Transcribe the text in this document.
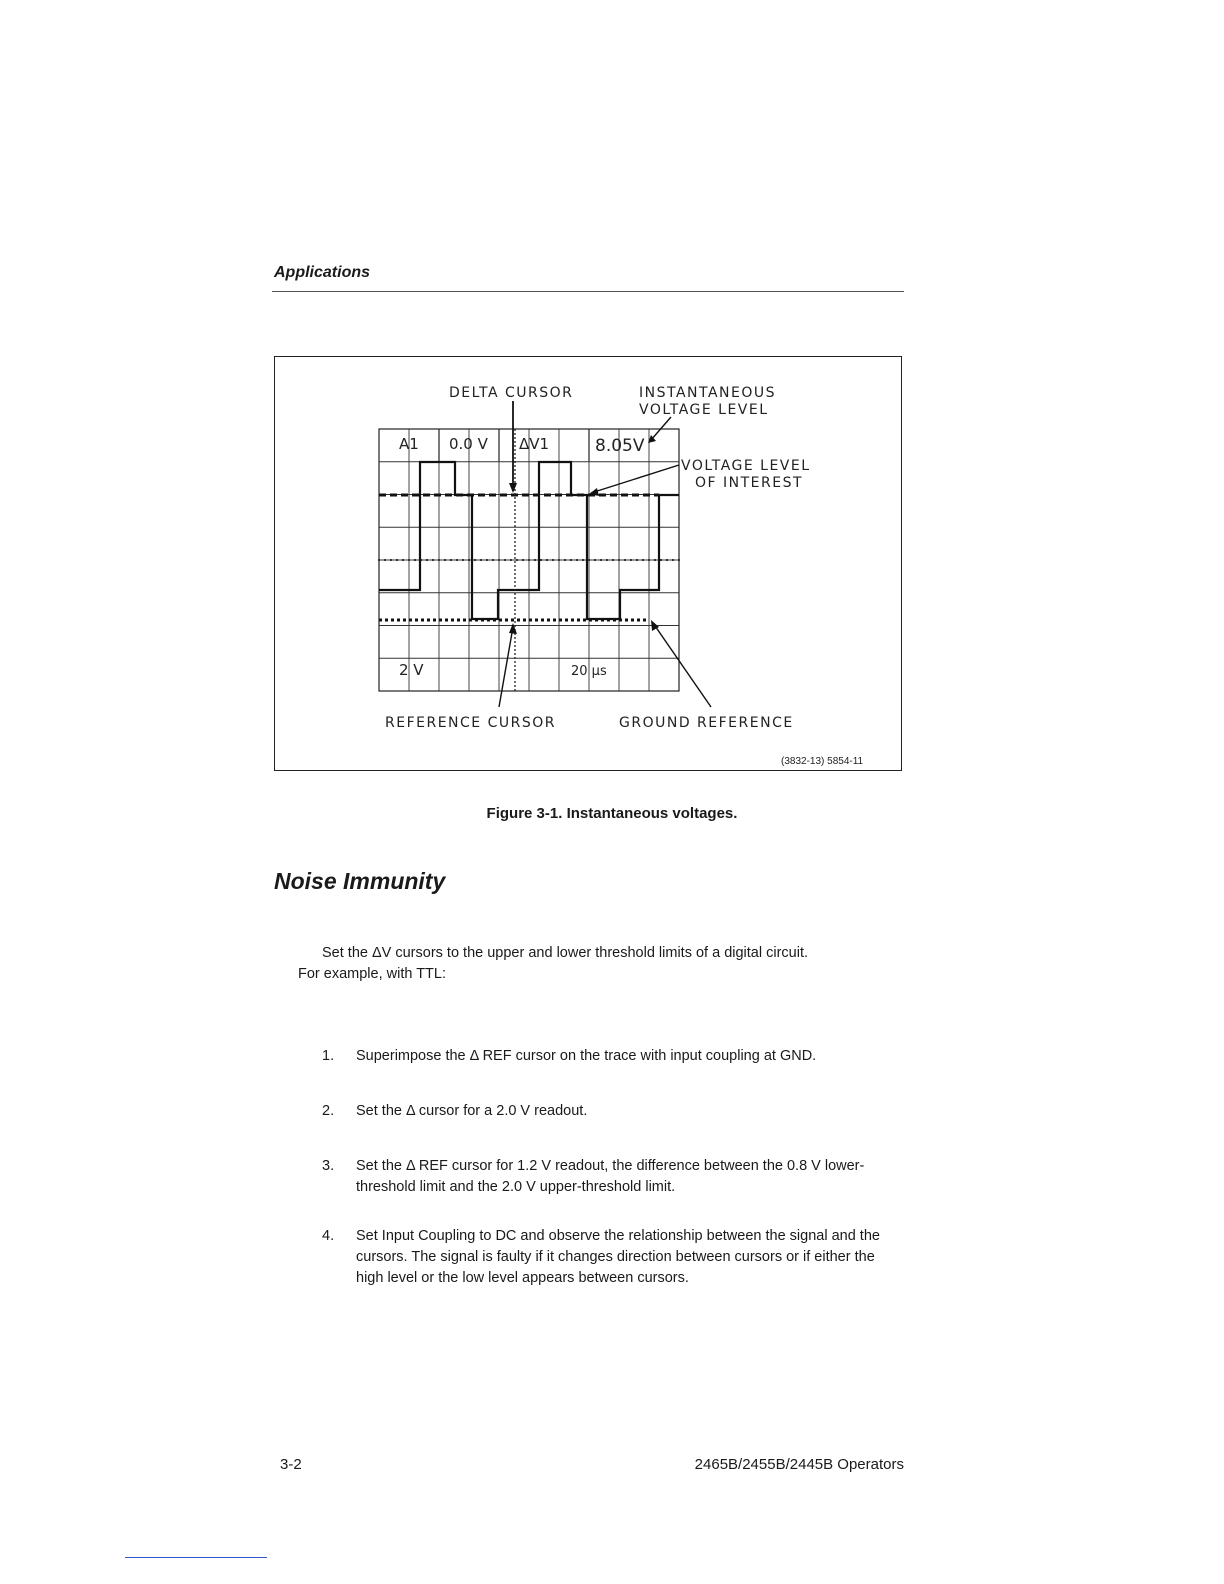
Applications
A1 0.0 V ΔV1	8.05V
2 V	20 μs
DELTA CURSOR	INSTANTANEOUS
VOLTAGE LEVEL
VOLTAGE LEVEL
OF INTEREST
REFERENCE CURSOR	GROUND REFERENCE
(3832-13) 5854-11
Figure 3-1. Instantaneous voltages.
Noise Immunity
Set the ΔV cursors to the upper and lower threshold limits of a digital circuit.
For example, with TTL:
1. Superimpose the Δ REF cursor on the trace with input coupling at GND.
2. Set the Δ cursor for a 2.0 V readout.
3. Set the Δ REF cursor for 1.2 V readout, the difference between the 0.8 V lower-threshold limit and the 2.0 V upper-threshold limit.
4. Set Input Coupling to DC and observe the relationship between the signal and the cursors. The signal is faulty if it changes direction between cursors or if either the high level or the low level appears between cursors.
3-2	2465B/2455B/2445B Operators
